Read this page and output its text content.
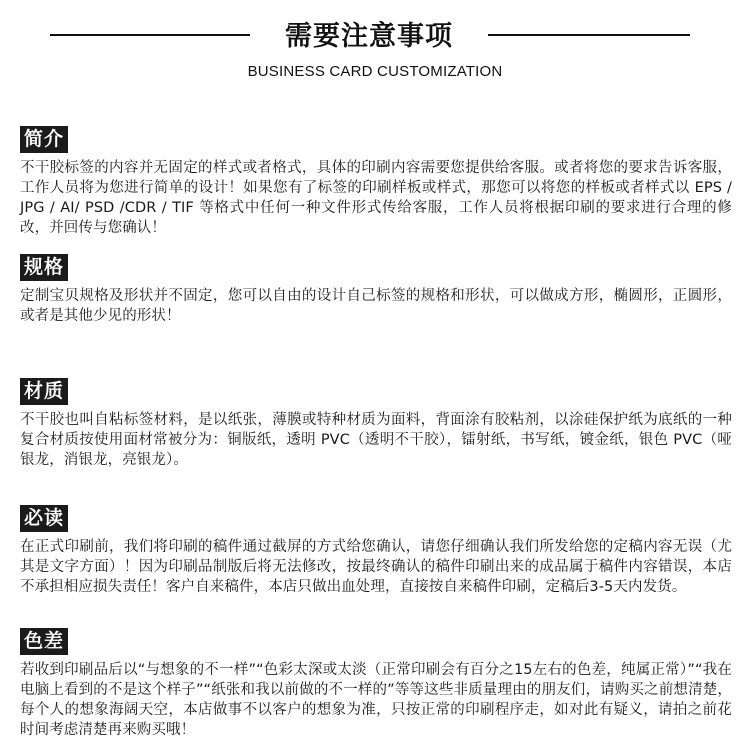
需要注意事项
BUSINESS CARD CUSTOMIZATION
简介

不干胶标签的内容并无固定的样式或者格式，具体的印刷内容需要您提供给客服。或者将您的要求告诉客服，工作人员将为您进行简单的设计！如果您有了标签的印刷样板或样式，那您可以将您的样板或者样式以 EPS / JPG / AI/ PSD /CDR / TIF 等格式中任何一种文件形式传给客服，工作人员将根据印刷的要求进行合理的修改，并回传与您确认！

规格

定制宝贝规格及形状并不固定，您可以自由的设计自己标签的规格和形状，可以做成方形，椭圆形，正圆形，或者是其他少见的形状！

材质

不干胶也叫自粘标签材料，是以纸张，薄膜或特种材质为面料，背面涂有胶粘剂，以涂硅保护纸为底纸的一种复合材质按使用面材常被分为：铜版纸，透明 PVC（透明不干胶），镭射纸，书写纸，镀金纸，银色 PVC（哑银龙，消银龙，亮银龙）。

必读

在正式印刷前，我们将印刷的稿件通过截屏的方式给您确认，请您仔细确认我们所发给您的定稿内容无误（尤其是文字方面）！因为印刷品制版后将无法修改，按最终确认的稿件印刷出来的成品属于稿件内容错误，本店不承担相应损失责任！客户自来稿件，本店只做出血处理，直接按自来稿件印刷，定稿后3-5天内发货。

色差

若收到印刷品后以“与想象的不一样”“色彩太深或太淡（正常印刷会有百分之15左右的色差，纯属正常）”“我在电脑上看到的不是这个样子”“纸张和我以前做的不一样的”等等这些非质量理由的朋友们，请购买之前想清楚，每个人的想象海阔天空，本店做事不以客户的想象为准，只按正常的印刷程序走，如对此有疑义，请拍之前花时间考虑清楚再来购买哦！
